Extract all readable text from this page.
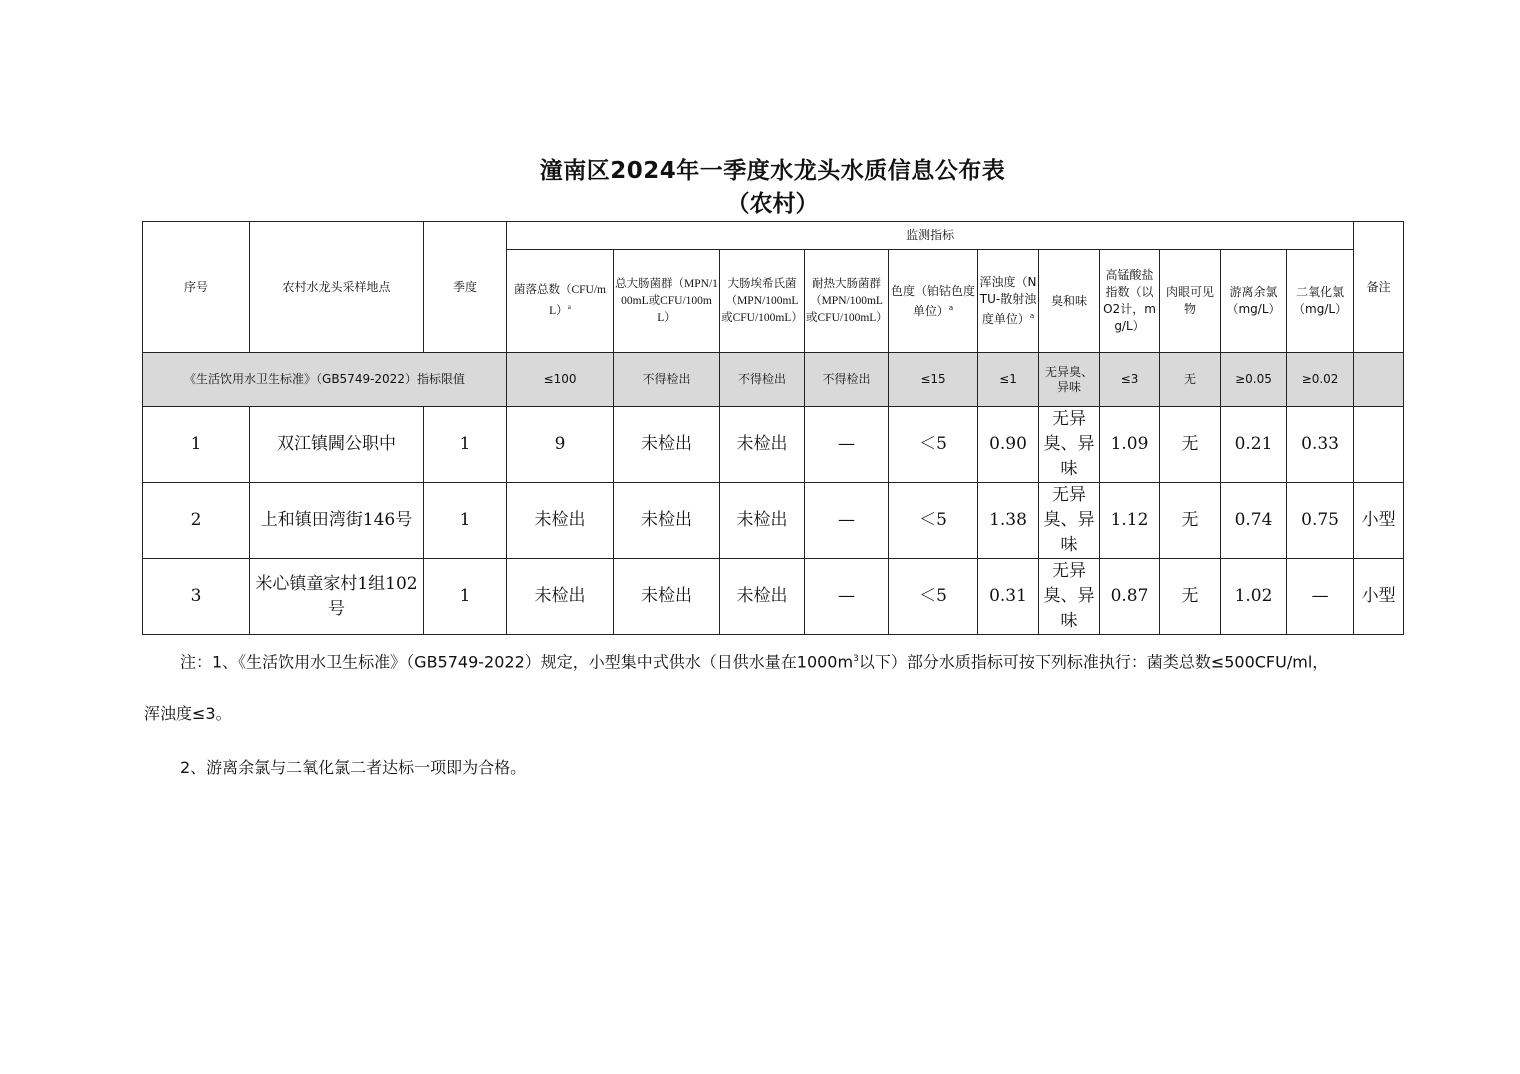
潼南区2024年一季度水龙头水质信息公布表
（农村）
序号	农村水龙头采样地点	季度	监测指标											备注
			菌落总数$(CFU/mL)^a$	总大肠菌群（MPN/100mL或CFU/100mL）	大肠埃希氏菌（MPN/100mL或CFU/100mL）	耐热大肠菌群（MPN/100mL或CFU/100mL）	色度（铂钴色度单位）$^a$	浑浊度（NTU-散射浊度单位）$^a$	臭和味	高锰酸盐指数（以O2计，mg/L）	肉眼可见物	游离余氯（mg/L）	二氧化氯（mg/L）	
《生活饮用水卫生标准》（GB5749-2022）指标限值			≤100	不得检出	不得检出	不得检出	≤15	≤1	无异臭、异味	≤3	无	≥0.05	≥0.02	
1	双江镇閪公职中	1	9	未检出	未检出	—	＜5	0.90	无异臭、异味	1.09	无	0.21	0.33	
2	上和镇田湾街146号	1	未检出	未检出	未检出	—	＜5	1.38	无异臭、异味	1.12	无	0.74	0.75	小型
3	米心镇童家村1组102号	1	未检出	未检出	未检出	—	＜5	0.31	无异臭、异味	0.87	无	1.02	—	小型
注：1、《生活饮用水卫生标准》（GB5749-2022）规定，小型集中式供水（日供水量在$1000m^3$以下）部分水质指标可按下列标准执行：菌类总数≤500CFU/ml，
浑浊度≤3。
2、游离余氯与二氧化氯二者达标一项即为合格。
